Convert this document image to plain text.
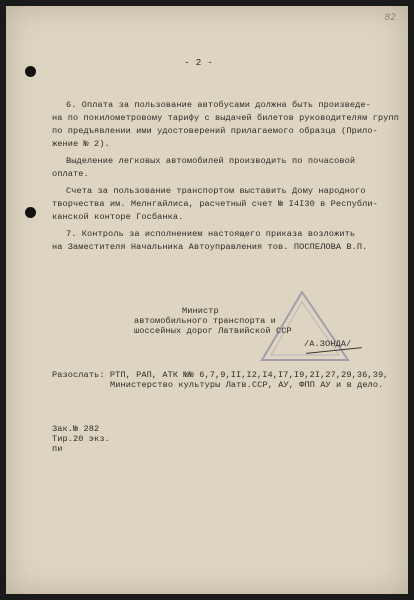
82

- 2 -

6. Оплата за пользование автобусами должна быть произведе-

на по покилометровому тарифу с выдачей билетов руководителям групп

по предъявлении ими удостоверений прилагаемого образца (Прило-

жение № 2).

Выделение легковых автомобилей производить по почасовой

оплате.

Счета за пользование транспортом выставить Дому народного

творчества им. Мелнгайлиса, расчетный счет № I4I30 в Республи-

канской конторе Госбанка.

7. Контроль за исполнением настоящего приказа возложить

на Заместителя Начальника Автоуправления тов. ПОСПЕЛОВА В.П.

Министр

автомобильного транспорта и

шоссейных дорог Латвийской ССР

/А.ЗОНДА/

Разослать: РТП, РАП, АТК №№ 6,7,9,II,I2,I4,I7,I9,2I,27,29,36,39,

Министерство культуры Латв.ССР, АУ, ФПП АУ и в дело.

Зак.№ 282

Тир.20 экз.

пи
